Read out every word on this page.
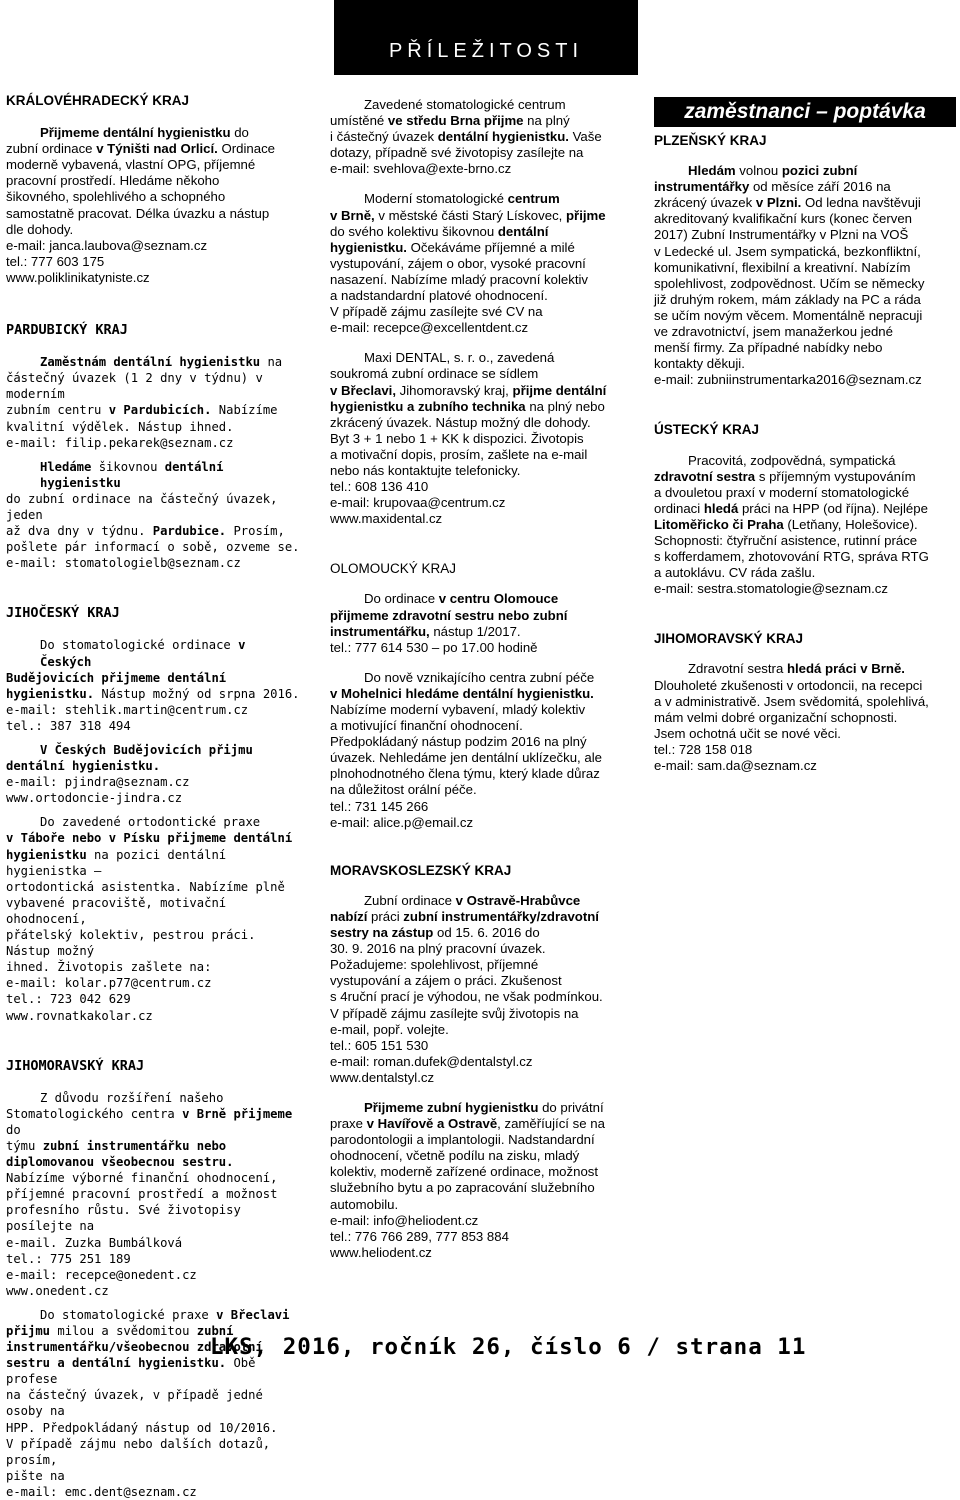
PŘÍLEŽITOSTI

KRÁLOVÉHRADECKÝ KRAJ

Přijmeme dentální hygienistku do

zubní ordinace v Týništi nad Orlicí. Ordinace

moderně vybavená, vlastní OPG, příjemné

pracovní prostředí. Hledáme někoho

šikovného, spolehlivého a schopného

samostatně pracovat. Délka úvazku a nástup

dle dohody.

e-mail: janca.laubova@seznam.cz

tel.: 777 603 175

www.poliklinikatyniste.cz

PARDUBICKÝ KRAJ

Zaměstnám dentální hygienistku na

částečný úvazek (1 2 dny v týdnu) v moderním

zubním centru v Pardubicích. Nabízíme

kvalitní výdělek. Nástup ihned.

e-mail: filip.pekarek@seznam.cz

Hledáme šikovnou dentální hygienistku

do zubní ordinace na částečný úvazek, jeden

až dva dny v týdnu. Pardubice. Prosím,

pošlete pár informací o sobě, ozveme se.

e-mail: stomatologielb@seznam.cz

JIHOČESKÝ KRAJ

Do stomatologické ordinace v Českých

Budějovicích přijmeme dentální

hygienistku. Nástup možný od srpna 2016.

e-mail: stehlik.martin@centrum.cz

tel.: 387 318 494

V Českých Budějovicích přijmu

dentální hygienistku.

e-mail: pjindra@seznam.cz

www.ortodoncie-jindra.cz

Do zavedené ortodontické praxe

v Táboře nebo v Písku přijmeme dentální

hygienistku na pozici dentální hygienistka –

ortodontická asistentka. Nabízíme plně

vybavené pracoviště, motivační ohodnocení,

přátelský kolektiv, pestrou práci. Nástup možný

ihned. Životopis zašlete na:

e-mail: kolar.p77@centrum.cz

tel.: 723 042 629

www.rovnatkakolar.cz

JIHOMORAVSKÝ KRAJ

Z důvodu rozšíření našeho

Stomatologického centra v Brně přijmeme do

týmu zubní instrumentářku nebo

diplomovanou všeobecnou sestru.

Nabízíme výborné finanční ohodnocení,

příjemné pracovní prostředí a možnost

profesního růstu. Své životopisy posílejte na

e-mail. Zuzka Bumbálková

tel.: 775 251 189

e-mail: recepce@onedent.cz

www.onedent.cz

Do stomatologické praxe v Břeclavi

přijmu milou a svědomitou zubní

instrumentářku/všeobecnou zdravotní

sestru a dentální hygienistku. Obě profese

na částečný úvazek, v případě jedné osoby na

HPP. Předpokládaný nástup od 10/2016.

V případě zájmu nebo dalších dotazů, prosím,

pište na

e-mail: emc.dent@seznam.cz

Zavedené stomatologické centrum

umístěné ve středu Brna přijme na plný

i částečný úvazek dentální hygienistku. Vaše

dotazy, případně své životopisy zasílejte na

e-mail: svehlova@exte-brno.cz

Moderní stomatologické centrum

v Brně, v městské části Starý Lískovec, přijme

do svého kolektivu šikovnou dentální

hygienistku. Očekáváme příjemné a milé

vystupování, zájem o obor, vysoké pracovní

nasazení. Nabízíme mladý pracovní kolektiv

a nadstandardní platové ohodnocení.

V případě zájmu zasílejte své CV na

e-mail: recepce@excellentdent.cz

Maxi DENTAL, s. r. o., zavedená

soukromá zubní ordinace se sídlem

v Břeclavi, Jihomoravský kraj, přijme dentální

hygienistku a zubního technika na plný nebo

zkrácený úvazek. Nástup možný dle dohody.

Byt 3 + 1 nebo 1 + KK k dispozici. Životopis

a motivační dopis, prosím, zašlete na e-mail

nebo nás kontaktujte telefonicky.

tel.: 608 136 410

e-mail: krupovaa@centrum.cz

www.maxidental.cz

OLOMOUCKÝ KRAJ

Do ordinace v centru Olomouce

přijmeme zdravotní sestru nebo zubní

instrumentářku, nástup 1/2017.

tel.: 777 614 530 – po 17.00 hodině

Do nově vznikajícího centra zubní péče

v Mohelnici hledáme dentální hygienistku.

Nabízíme moderní vybavení, mladý kolektiv

a motivující finanční ohodnocení.

Předpokládaný nástup podzim 2016 na plný

úvazek. Nehledáme jen dentální uklízečku, ale

plnohodnotného člena týmu, který klade důraz

na důležitost orální péče.

tel.: 731 145 266

e-mail: alice.p@email.cz

MORAVSKOSLEZSKÝ KRAJ

Zubní ordinace v Ostravě-Hrabůvce

nabízí práci zubní instrumentářky/zdravotní

sestry na zástup od 15. 6. 2016 do

30. 9. 2016 na plný pracovní úvazek.

Požadujeme: spolehlivost, příjemné

vystupování a zájem o práci. Zkušenost

s 4ruční prací je výhodou, ne však podmínkou.

V případě zájmu zasílejte svůj životopis na

e-mail, popř. volejte.

tel.: 605 151 530

e-mail: roman.dufek@dentalstyl.cz

www.dentalstyl.cz

Přijmeme zubní hygienistku do privátní

praxe v Havířově a Ostravě, zaměříující se na

parodontologii a implantologii. Nadstandardní

ohodnocení, včetně podílu na zisku, mladý

kolektiv, moderně zařízené ordinace, možnost

služebního bytu a po zapracování služebního

automobilu.

e-mail: info@heliodent.cz

tel.: 776 766 289, 777 853 884

www.heliodent.cz

zaměstnanci – poptávka

PLZEŇSKÝ KRAJ

Hledám volnou pozici zubní

instrumentářky od měsíce září 2016 na

zkrácený úvazek v Plzni. Od ledna navštěvuji

akreditovaný kvalifikační kurs (konec červen

2017) Zubní Instrumentářky v Plzni na VOŠ

v Ledecké ul. Jsem sympatická, bezkonfliktní,

komunikativní, flexibilní a kreativní. Nabízím

spolehlivost, zodpovědnost. Učím se německy

již druhým rokem, mám základy na PC a ráda

se učím novým věcem. Momentálně nepracuji

ve zdravotnictví, jsem manažerkou jedné

menší firmy. Za případné nabídky nebo

kontakty děkuji.

e-mail: zubniinstrumentarka2016@seznam.cz

ÚSTECKÝ KRAJ

Pracovitá, zodpovědná, sympatická

zdravotní sestra s příjemným vystupováním

a dvouletou praxí v moderní stomatologické

ordinaci hledá práci na HPP (od října). Nejlépe

Litoměřicko či Praha (Letňany, Holešovice).

Schopnosti: čtyřruční asistence, rutinní práce

s kofferdamem, zhotovování RTG, správa RTG

a autoklávu. CV ráda zašlu.

e-mail: sestra.stomatologie@seznam.cz

JIHOMORAVSKÝ KRAJ

Zdravotní sestra hledá práci v Brně.

Dlouholeté zkušenosti v ortodoncii, na recepci

a v administrativě. Jsem svědomitá, spolehlivá,

mám velmi dobré organizační schopnosti.

Jsem ochotná učit se nové věci.

tel.: 728 158 018

e-mail: sam.da@seznam.cz

LKS, 2016, ročník 26, číslo 6 / strana 11
